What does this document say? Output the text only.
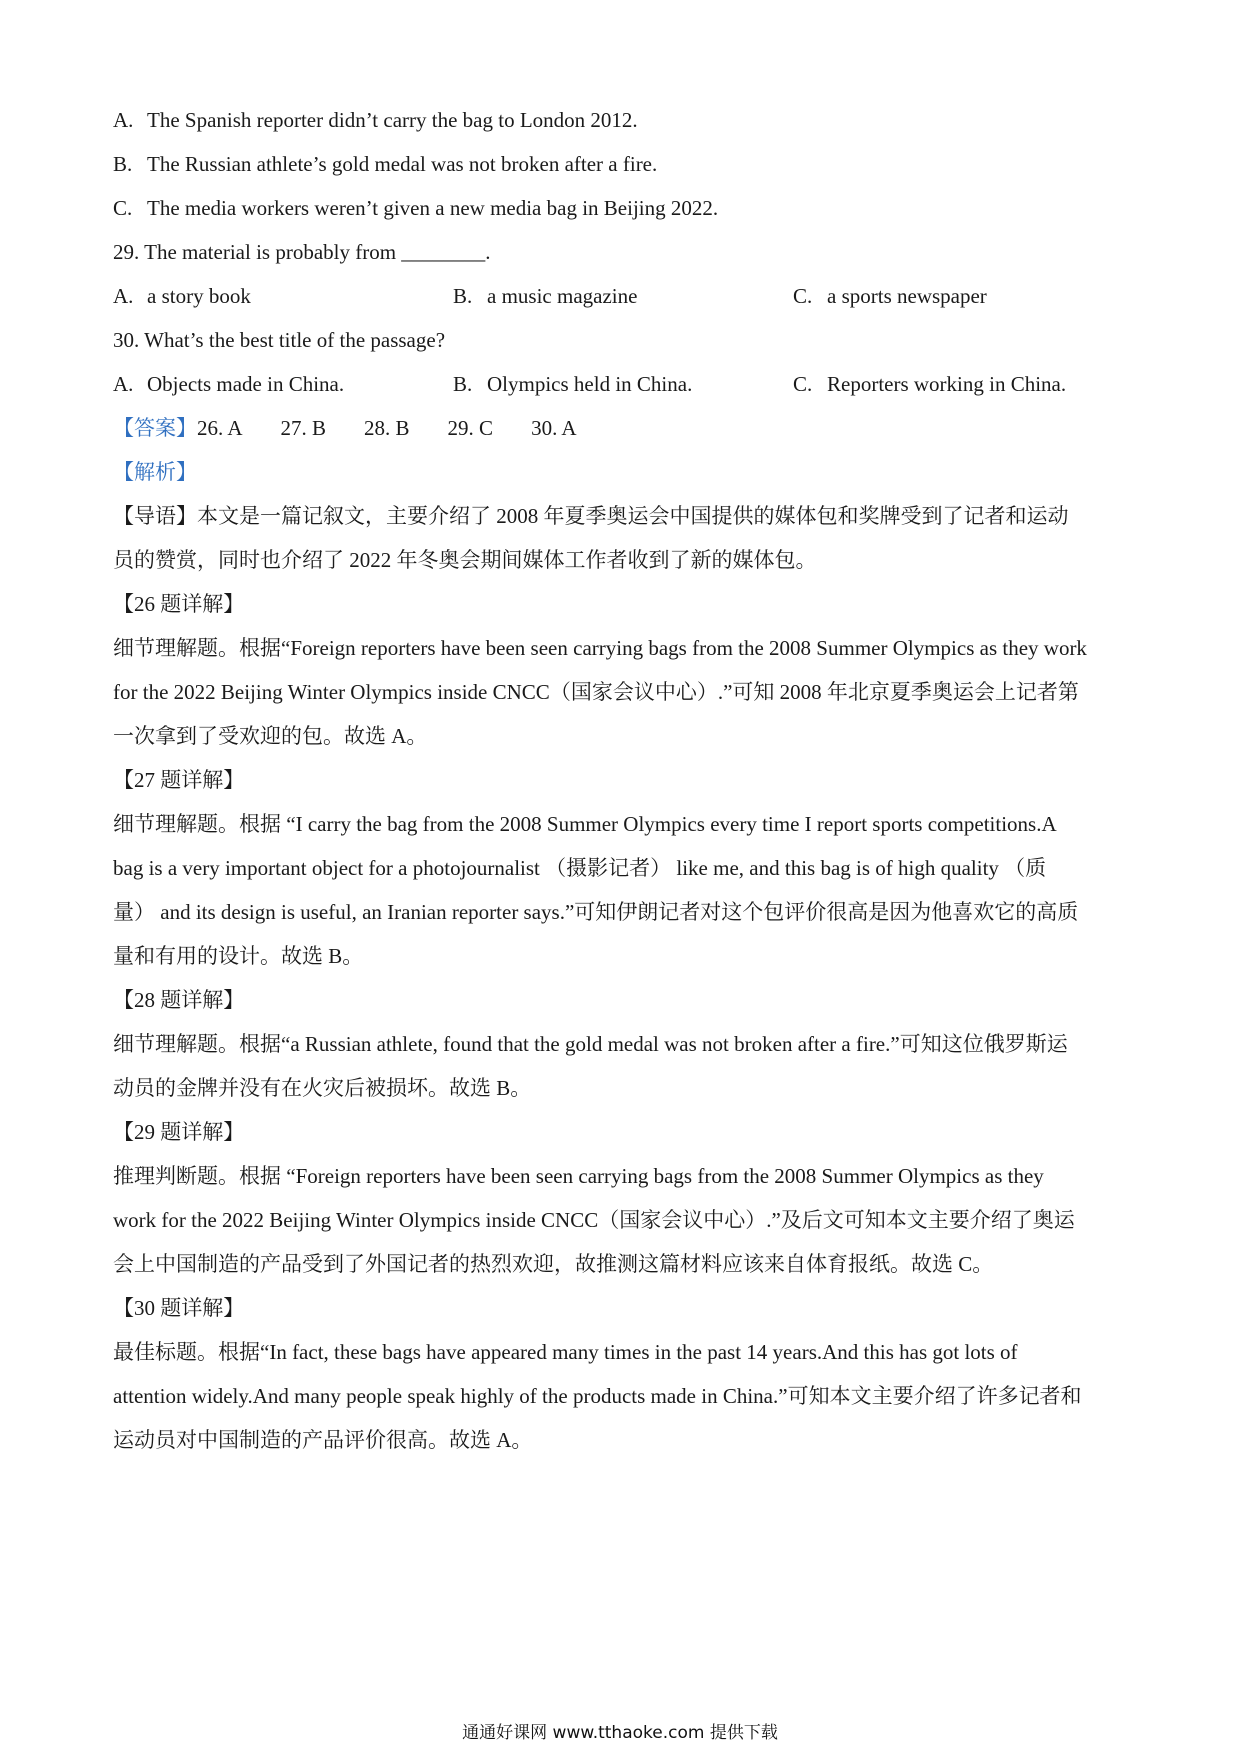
A. The Spanish reporter didn’t carry the bag to London 2012.
B. The Russian athlete’s gold medal was not broken after a fire.
C. The media workers weren’t given a new media bag in Beijing 2022.
29. The material is probably from ________.
A. a story book	B. a music magazine	C. a sports newspaper
30. What’s the best title of the passage?
A. Objects made in China.	B. Olympics held in China.	C. Reporters working in China.
【答案】26. A 27. B 28. B 29. C 30. A
【解析】
【导语】本文是一篇记叙文，主要介绍了 2008 年夏季奥运会中国提供的媒体包和奖牌受到了记者和运动
员的赞赏，同时也介绍了 2022 年冬奥会期间媒体工作者收到了新的媒体包。
【26 题详解】
细节理解题。根据“Foreign reporters have been seen carrying bags from the 2008 Summer Olympics as they work
for the 2022 Beijing Winter Olympics inside CNCC（国家会议中心）.”可知 2008 年北京夏季奥运会上记者第
一次拿到了受欢迎的包。故选 A。
【27 题详解】
细节理解题。根据 “I carry the bag from the 2008 Summer Olympics every time I report sports competitions.A
bag is a very important object for a photojournalist （摄影记者） like me, and this bag is of high quality （质
量） and its design is useful, an Iranian reporter says.”可知伊朗记者对这个包评价很高是因为他喜欢它的高质
量和有用的设计。故选 B。
【28 题详解】
细节理解题。根据“a Russian athlete, found that the gold medal was not broken after a fire.”可知这位俄罗斯运
动员的金牌并没有在火灾后被损坏。故选 B。
【29 题详解】
推理判断题。根据 “Foreign reporters have been seen carrying bags from the 2008 Summer Olympics as they
work for the 2022 Beijing Winter Olympics inside CNCC（国家会议中心）.”及后文可知本文主要介绍了奥运
会上中国制造的产品受到了外国记者的热烈欢迎，故推测这篇材料应该来自体育报纸。故选 C。
【30 题详解】
最佳标题。根据“In fact, these bags have appeared many times in the past 14 years.And this has got lots of
attention widely.And many people speak highly of the products made in China.”可知本文主要介绍了许多记者和
运动员对中国制造的产品评价很高。故选 A。
通通好课网 www.tthaoke.com 提供下载
